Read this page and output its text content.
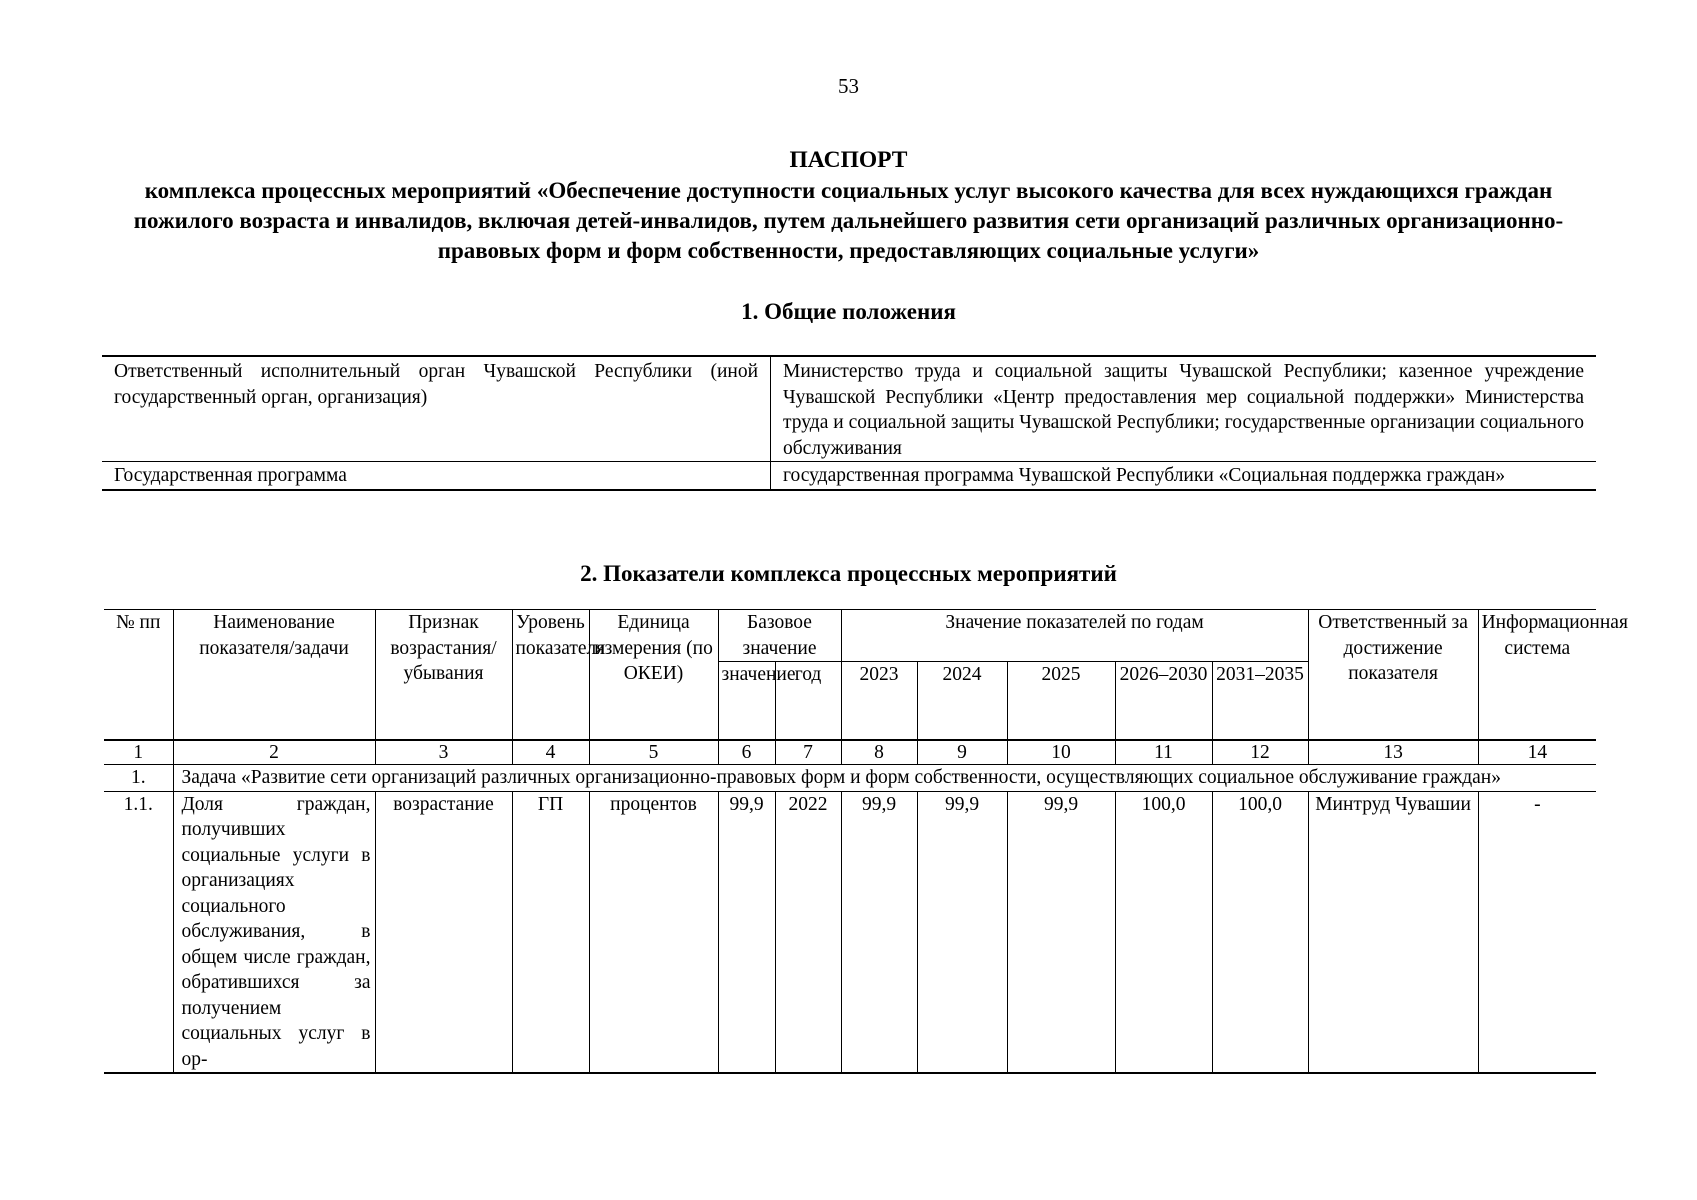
53
ПАСПОРТ
комплекса процессных мероприятий «Обеспечение доступности социальных услуг высокого качества для всех нуждающихся граждан пожилого возраста и инвалидов, включая детей-инвалидов, путем дальнейшего развития сети организаций различных организационно-правовых форм и форм собственности, предоставляющих социальные услуги»
1. Общие положения
Ответственный исполнительный орган Чувашской Республики (иной государственный орган, организация)	Министерство труда и социальной защиты Чувашской Республики; казенное учреждение Чувашской Республики «Центр предоставления мер социальной поддержки» Министерства труда и социальной защиты Чувашской Республики; государственные организации социального обслуживания
Государственная программа	государственная программа Чувашской Республики «Социальная поддержка граждан»
2. Показатели комплекса процессных мероприятий
№ пп	Наименование показателя/задачи	Признак возрастания/убывания	Уровень показателя	Единица измерения (по ОКЕИ)	Базовое значение		Значение показателей по годам					Ответственный за достижение показателя	Информационная система
					значение	год	2023	2024	2025	2026–2030	2031–2035		

1	2	3	4	5	6	7	8	9	10	11	12	13	14
1.	Задача «Развитие сети организаций различных организационно-правовых форм и форм собственности, осуществляющих социальное обслуживание граждан»												
1.1.	Доля граждан, получивших социальные услуги в организациях социального обслуживания, в общем числе граждан, обратившихся за получением социальных услуг в ор-	возрастание	ГП	процентов	99,9	2022	99,9	99,9	99,9	100,0	100,0	Минтруд Чувашии	-
